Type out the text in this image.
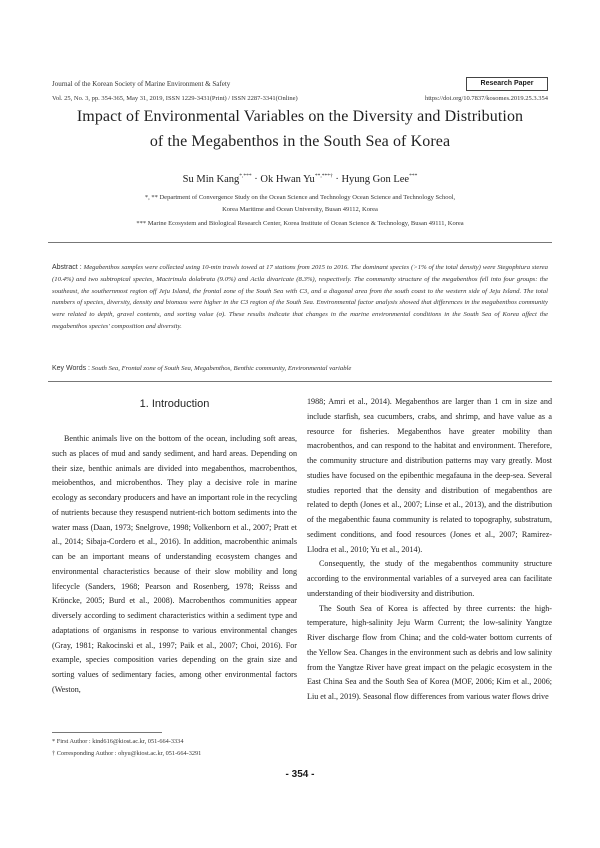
Journal of the Korean Society of Marine Environment & Safety	Research Paper
Vol. 25, No. 3, pp. 354-365, May 31, 2019, ISSN 1229-3431(Print) / ISSN 2287-3341(Online)	https://doi.org/10.7837/kosomes.2019.25.3.354
Impact of Environmental Variables on the Diversity and Distribution
of the Megabenthos in the South Sea of Korea
Su Min Kang*,*** · Ok Hwan Yu**,***† · Hyung Gon Lee***
*, ** Department of Convergence Study on the Ocean Science and Technology Ocean Science and Technology School,
Korea Maritime and Ocean University, Busan 49112, Korea
*** Marine Ecosystem and Biological Research Center, Korea Institute of Ocean Science & Technology, Busan 49111, Korea
Abstract : Megabenthos samples were collected using 10-min trawls towed at 17 stations from 2015 to 2016. The dominant species (>1% of the total density) were Stegophiura sterea (10.4%) and two subtropical species, Mactrinula dolabrata (9.0%) and Acila divaricate (8.3%), respectively. The community structure of the megabenthos fell into four groups: the southeast, the southernmost region off Jeju Island, the frontal zone of the South Sea with C3, and a diagonal area from the south coast to the western side of Jeju Island. The total numbers of species, diversity, density and biomass were higher in the C3 region of the South Sea. Environmental factor analysis showed that differences in the megabenthos community were related to depth, gravel contents, and sorting value (σ). These results indicate that changes in the marine environmental conditions in the South Sea of Korea affect the megabenthos species' composition and diversity.
Key Words : South Sea, Frontal zone of South Sea, Megabenthos, Benthic community, Environmental variable
1. Introduction

Benthic animals live on the bottom of the ocean, including soft areas, such as places of mud and sandy sediment, and hard areas. Depending on their size, benthic animals are divided into megabenthos, macrobenthos, meiobenthos, and microbenthos. They play a decisive role in marine ecology as secondary producers and have an important role in the recycling of nutrients because they resuspend nutrient-rich bottom sediments into the water mass (Daan, 1973; Snelgrove, 1998; Volkenborn et al., 2007; Pratt et al., 2014; Sibaja-Cordero et al., 2016). In addition, macrobenthic animals can be an important means of understanding ecosystem changes and environmental characteristics because of their slow mobility and long lifecycle (Sanders, 1968; Pearson and Rosenberg, 1978; Reisss and Kröncke, 2005; Burd et al., 2008). Macrobenthos communities appear diversely according to sediment characteristics within a sediment type and adaptations of organisms in response to various environmental changes (Gray, 1981; Rakocinski et al., 1997; Paik et al., 2007; Choi, 2016). For example, species composition varies depending on the grain size and sorting values of sedimentary facies, among other environmental factors (Weston,

1988; Amri et al., 2014). Megabenthos are larger than 1 cm in size and include starfish, sea cucumbers, crabs, and shrimp, and have value as a resource for fisheries. Megabenthos have greater mobility than macrobenthos, and can respond to the habitat and environment. Therefore, the community structure and distribution patterns may vary greatly. Most studies have focused on the epibenthic megafauna in the deep-sea. Several studies reported that the density and distribution of megabenthos are related to depth (Jones et al., 2007; Linse et al., 2013), and the distribution of the megabenthic fauna community is related to topography, substratum, sediment conditions, and food resources (Jones et al., 2007; Ramirez-Llodra et al., 2010; Yu et al., 2014).

Consequently, the study of the megabenthos community structure according to the environmental variables of a surveyed area can facilitate understanding of their biodiversity and distribution.

The South Sea of Korea is affected by three currents: the high-temperature, high-salinity Jeju Warm Current; the low-salinity Yangtze River discharge flow from China; and the cold-water bottom currents of the Yellow Sea. Changes in the environment such as debris and low salinity from the Yangtze River have great impact on the pelagic ecosystem in the East China Sea and the South Sea of Korea (MOF, 2006; Kim et al., 2006; Liu et al., 2019). Seasonal flow differences from various water flows drive

* First Author : kind616@kiost.ac.kr, 051-664-3334
† Corresponding Author : ohyu@kiost.ac.kr, 051-664-3291
- 354 -
